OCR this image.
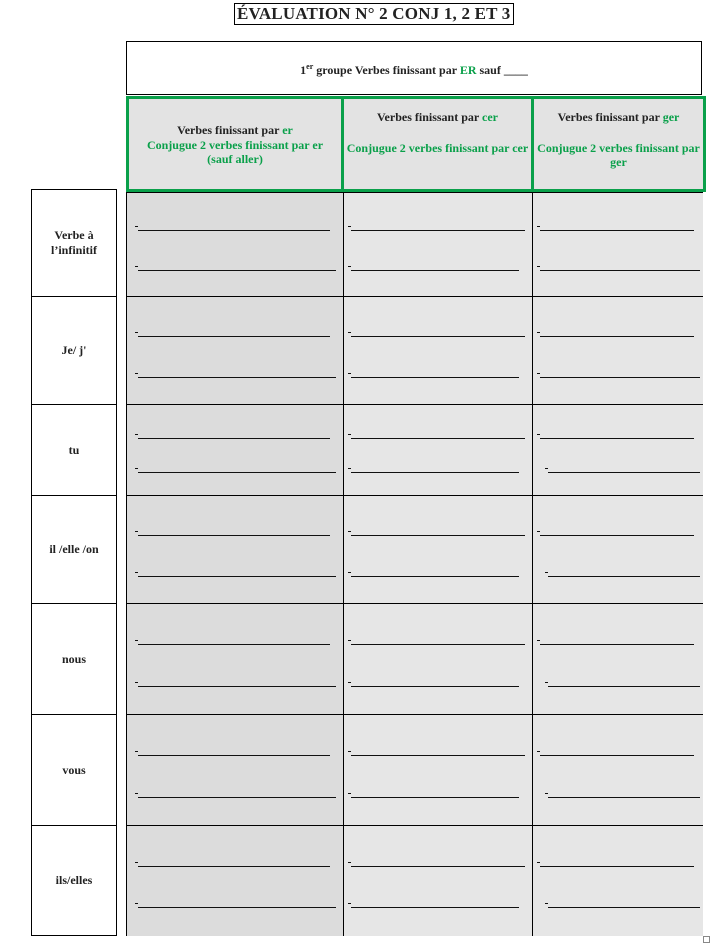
ÉVALUATION N° 2 CONJ 1, 2 ET 3
1er groupe Verbes finissant par ER sauf ____
Verbes finissant par er
Conjugue 2 verbes finissant par er (sauf aller)
Verbes finissant par cer
Conjugue 2 verbes finissant par cer
Verbes finissant par ger
Conjugue 2 verbes finissant par ger
Verbe à l’infinitif
Je/ j'
tu
il /elle /on
nous
vous
ils/elles
